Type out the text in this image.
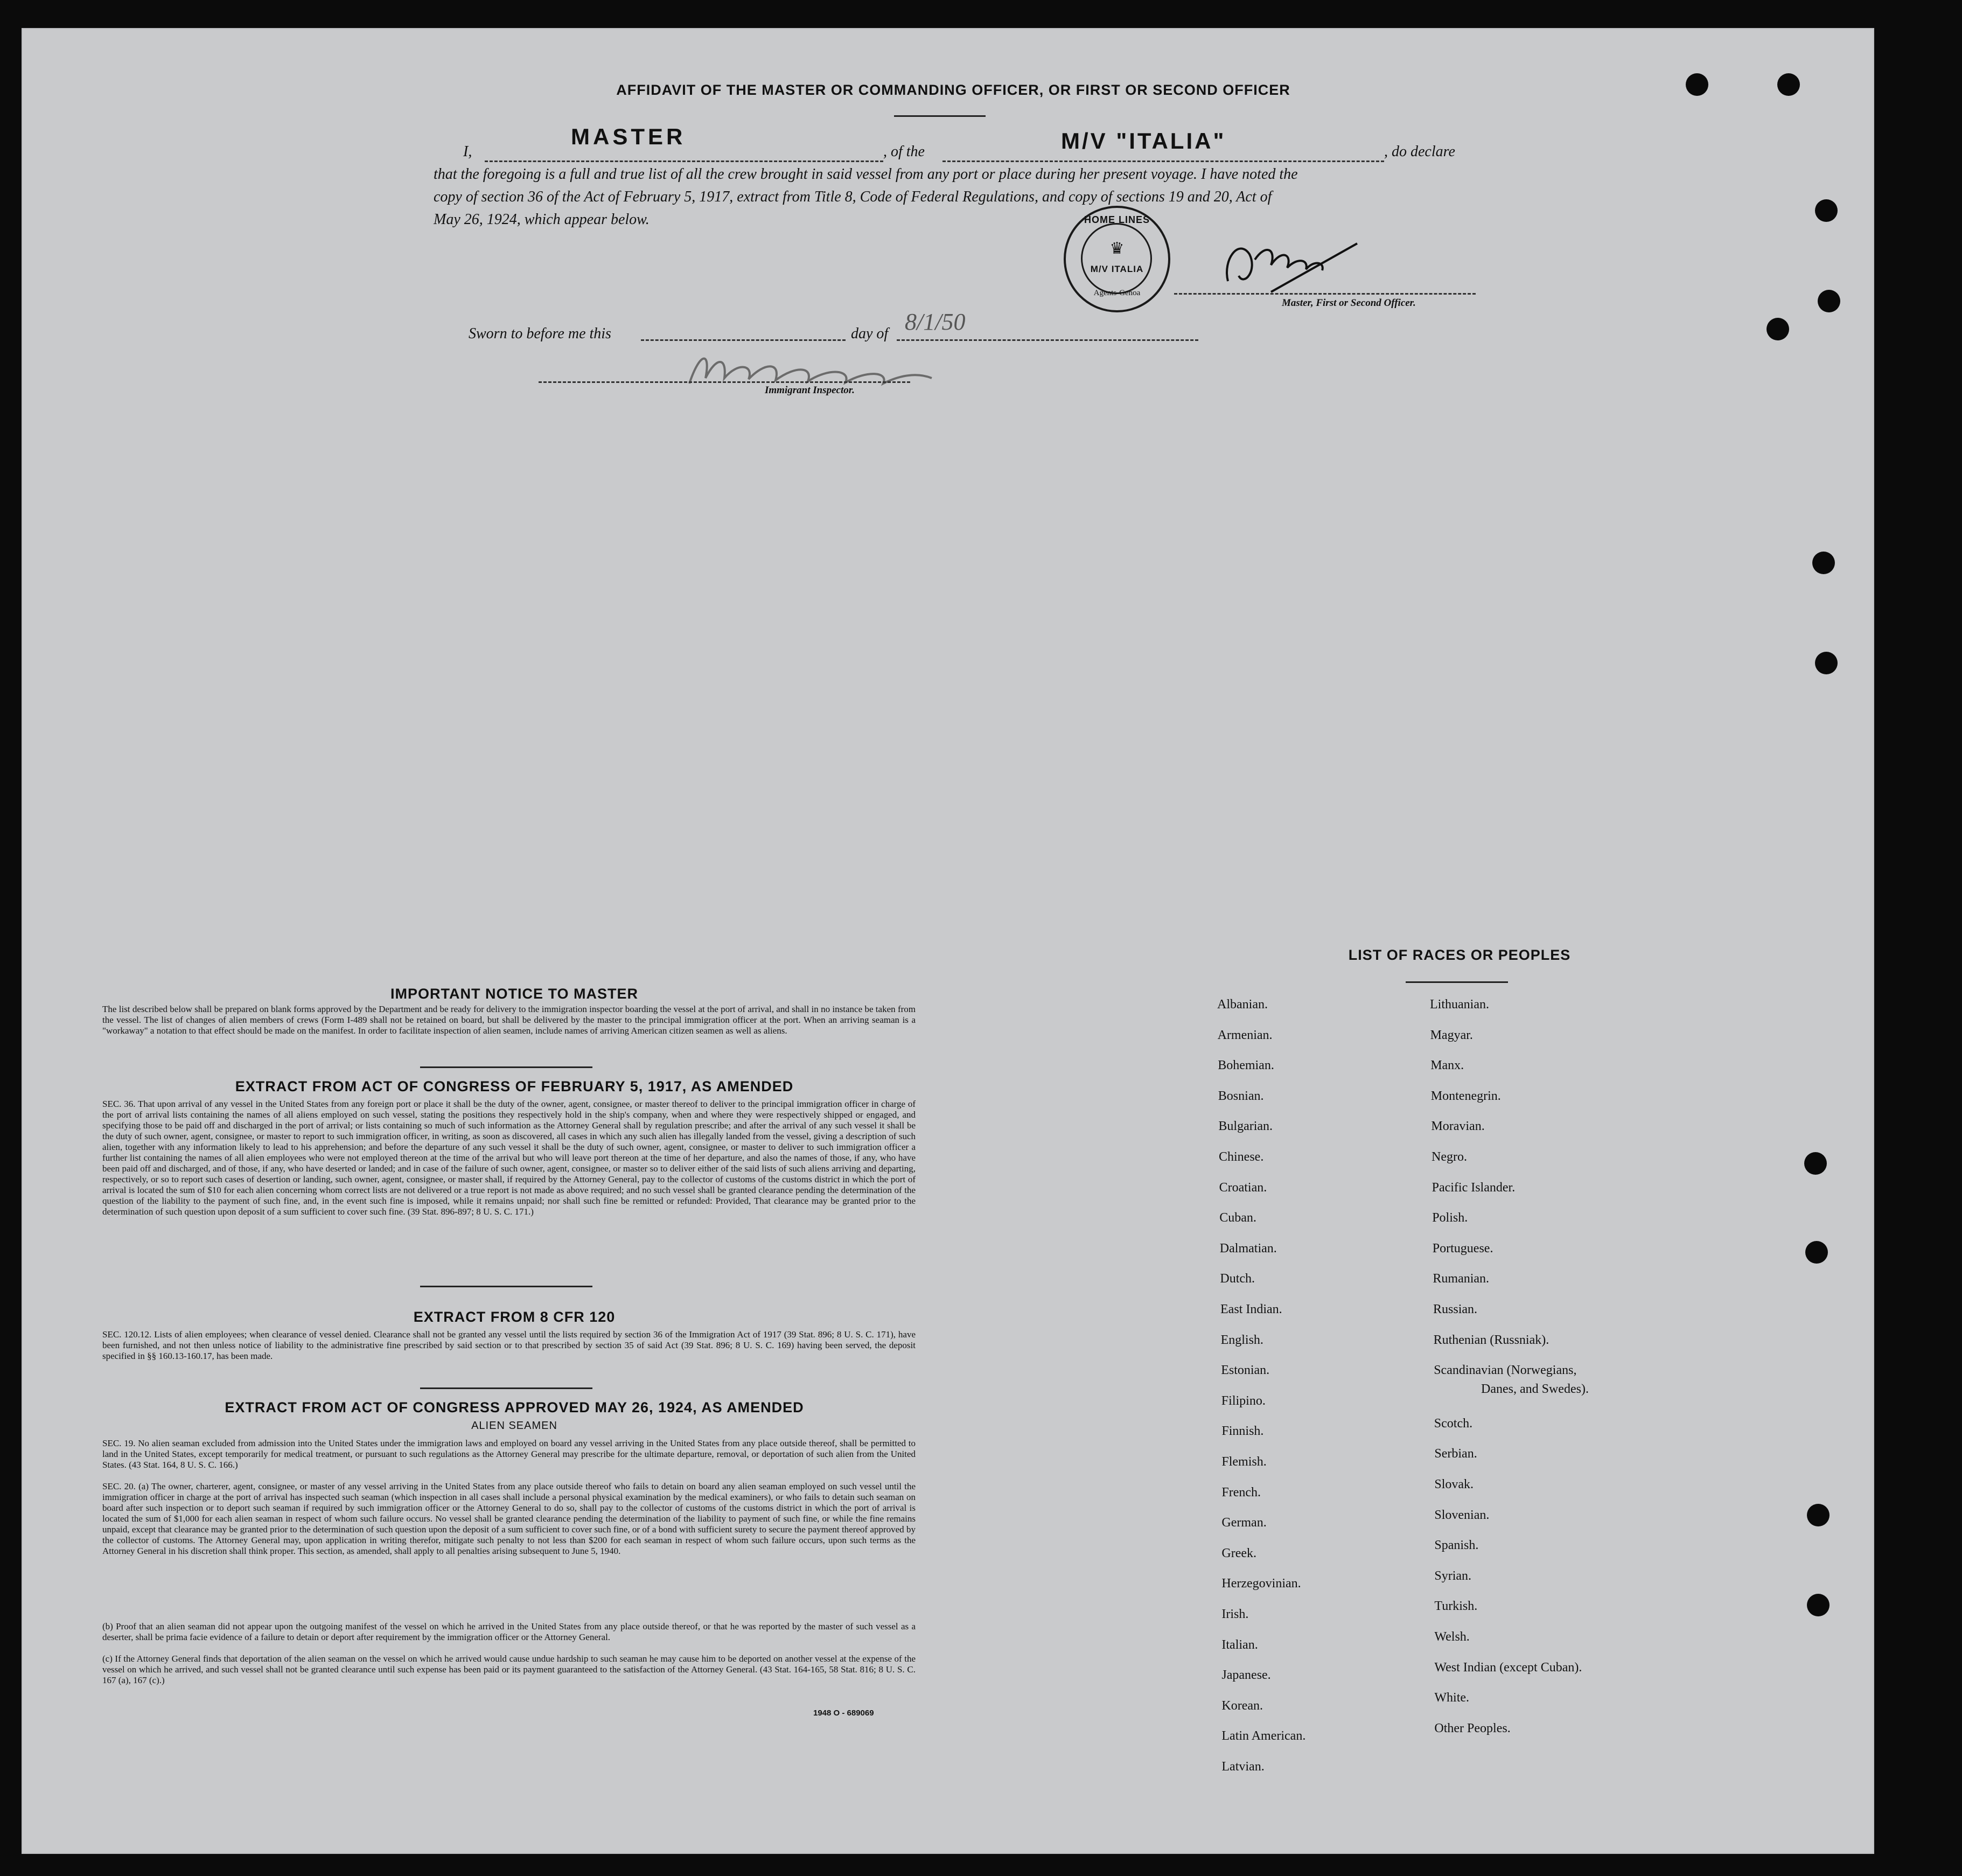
AFFIDAVIT OF THE MASTER OR COMMANDING OFFICER, OR FIRST OR SECOND OFFICER
MASTER	M/V "ITALIA"
I,	, of the	, do declare
that the foregoing is a full and true list of all the crew brought in said vessel from any port or place during her present voyage. I have noted the
copy of section 36 of the Act of February 5, 1917, extract from Title 8, Code of Federal Regulations, and copy of sections 19 and 20, Act of
May 26, 1924, which appear below.	HOME LINES
♛
M/V ITALIA
Agents-Genoa
Master, First or Second Officer.
Sworn to before me this	day of 8/1/50
Immigrant Inspector.
IMPORTANT NOTICE TO MASTER
The list described below shall be prepared on blank forms approved by the Department and be ready for delivery to the immigration inspector boarding the vessel at the port of arrival, and shall in no instance be taken from the vessel. The list of changes of alien members of crews (Form I-489 shall not be retained on board, but shall be delivered by the master to the principal immigration officer at the port. When an arriving seaman is a "workaway" a notation to that effect should be made on the manifest. In order to facilitate inspection of alien seamen, include names of arriving American citizen seamen as well as aliens.
EXTRACT FROM ACT OF CONGRESS OF FEBRUARY 5, 1917, AS AMENDED
SEC. 36. That upon arrival of any vessel in the United States from any foreign port or place it shall be the duty of the owner, agent, consignee, or master thereof to deliver to the principal immigration officer in charge of the port of arrival lists containing the names of all aliens employed on such vessel, stating the positions they respectively hold in the ship's company, when and where they were respectively shipped or engaged, and specifying those to be paid off and discharged in the port of arrival; or lists containing so much of such information as the Attorney General shall by regulation prescribe; and after the arrival of any such vessel it shall be the duty of such owner, agent, consignee, or master to report to such immigration officer, in writing, as soon as discovered, all cases in which any such alien has illegally landed from the vessel, giving a description of such alien, together with any information likely to lead to his apprehension; and before the departure of any such vessel it shall be the duty of such owner, agent, consignee, or master to deliver to such immigration officer a further list containing the names of all alien employees who were not employed thereon at the time of the arrival but who will leave port thereon at the time of her departure, and also the names of those, if any, who have been paid off and discharged, and of those, if any, who have deserted or landed; and in case of the failure of such owner, agent, consignee, or master so to deliver either of the said lists of such aliens arriving and departing, respectively, or so to report such cases of desertion or landing, such owner, agent, consignee, or master shall, if required by the Attorney General, pay to the collector of customs of the customs district in which the port of arrival is located the sum of $10 for each alien concerning whom correct lists are not delivered or a true report is not made as above required; and no such vessel shall be granted clearance pending the determination of the question of the liability to the payment of such fine, and, in the event such fine is imposed, while it remains unpaid; nor shall such fine be remitted or refunded: Provided, That clearance may be granted prior to the determination of such question upon deposit of a sum sufficient to cover such fine. (39 Stat. 896-897; 8 U. S. C. 171.)
EXTRACT FROM 8 CFR 120
SEC. 120.12. Lists of alien employees; when clearance of vessel denied. Clearance shall not be granted any vessel until the lists required by section 36 of the Immigration Act of 1917 (39 Stat. 896; 8 U. S. C. 171), have been furnished, and not then unless notice of liability to the administrative fine prescribed by said section or to that prescribed by section 35 of said Act (39 Stat. 896; 8 U. S. C. 169) having been served, the deposit specified in §§ 160.13-160.17, has been made.
EXTRACT FROM ACT OF CONGRESS APPROVED MAY 26, 1924, AS AMENDED
ALIEN SEAMEN
SEC. 19. No alien seaman excluded from admission into the United States under the immigration laws and employed on board any vessel arriving in the United States from any place outside thereof, shall be permitted to land in the United States, except temporarily for medical treatment, or pursuant to such regulations as the Attorney General may prescribe for the ultimate departure, removal, or deportation of such alien from the United States. (43 Stat. 164, 8 U. S. C. 166.)
SEC. 20. (a) The owner, charterer, agent, consignee, or master of any vessel arriving in the United States from any place outside thereof who fails to detain on board any alien seaman employed on such vessel until the immigration officer in charge at the port of arrival has inspected such seaman (which inspection in all cases shall include a personal physical examination by the medical examiners), or who fails to detain such seaman on board after such inspection or to deport such seaman if required by such immigration officer or the Attorney General to do so, shall pay to the collector of customs of the customs district in which the port of arrival is located the sum of $1,000 for each alien seaman in respect of whom such failure occurs. No vessel shall be granted clearance pending the determination of the liability to payment of such fine, or while the fine remains unpaid, except that clearance may be granted prior to the determination of such question upon the deposit of a sum sufficient to cover such fine, or of a bond with sufficient surety to secure the payment thereof approved by the collector of customs. The Attorney General may, upon application in writing therefor, mitigate such penalty to not less than $200 for each seaman in respect of whom such failure occurs, upon such terms as the Attorney General in his discretion shall think proper. This section, as amended, shall apply to all penalties arising subsequent to June 5, 1940.
(b) Proof that an alien seaman did not appear upon the outgoing manifest of the vessel on which he arrived in the United States from any place outside thereof, or that he was reported by the master of such vessel as a deserter, shall be prima facie evidence of a failure to detain or deport after requirement by the immigration officer or the Attorney General.
(c) If the Attorney General finds that deportation of the alien seaman on the vessel on which he arrived would cause undue hardship to such seaman he may cause him to be deported on another vessel at the expense of the vessel on which he arrived, and such vessel shall not be granted clearance until such expense has been paid or its payment guaranteed to the satisfaction of the Attorney General. (43 Stat. 164-165, 58 Stat. 816; 8 U. S. C. 167 (a), 167 (c).)
1948 O - 689069
LIST OF RACES OR PEOPLES
Albanian.
Armenian.
Bohemian.
Bosnian.
Bulgarian.
Chinese.
Croatian.
Cuban.
Dalmatian.
Dutch.
East Indian.
English.
Estonian.
Filipino.
Finnish.
Flemish.
French.
German.
Greek.
Herzegovinian.
Irish.
Italian.
Japanese.
Korean.
Latin American.
Latvian.
Lithuanian.
Magyar.
Manx.
Montenegrin.
Moravian.
Negro.
Pacific Islander.
Polish.
Portuguese.
Rumanian.
Russian.
Ruthenian (Russniak).
Scandinavian (Norwegians,
Scotch.
Serbian.
Slovak.
Slovenian.
Spanish.
Syrian.
Turkish.
Welsh.
West Indian (except Cuban).
White.
Other Peoples.
Danes, and Swedes).
